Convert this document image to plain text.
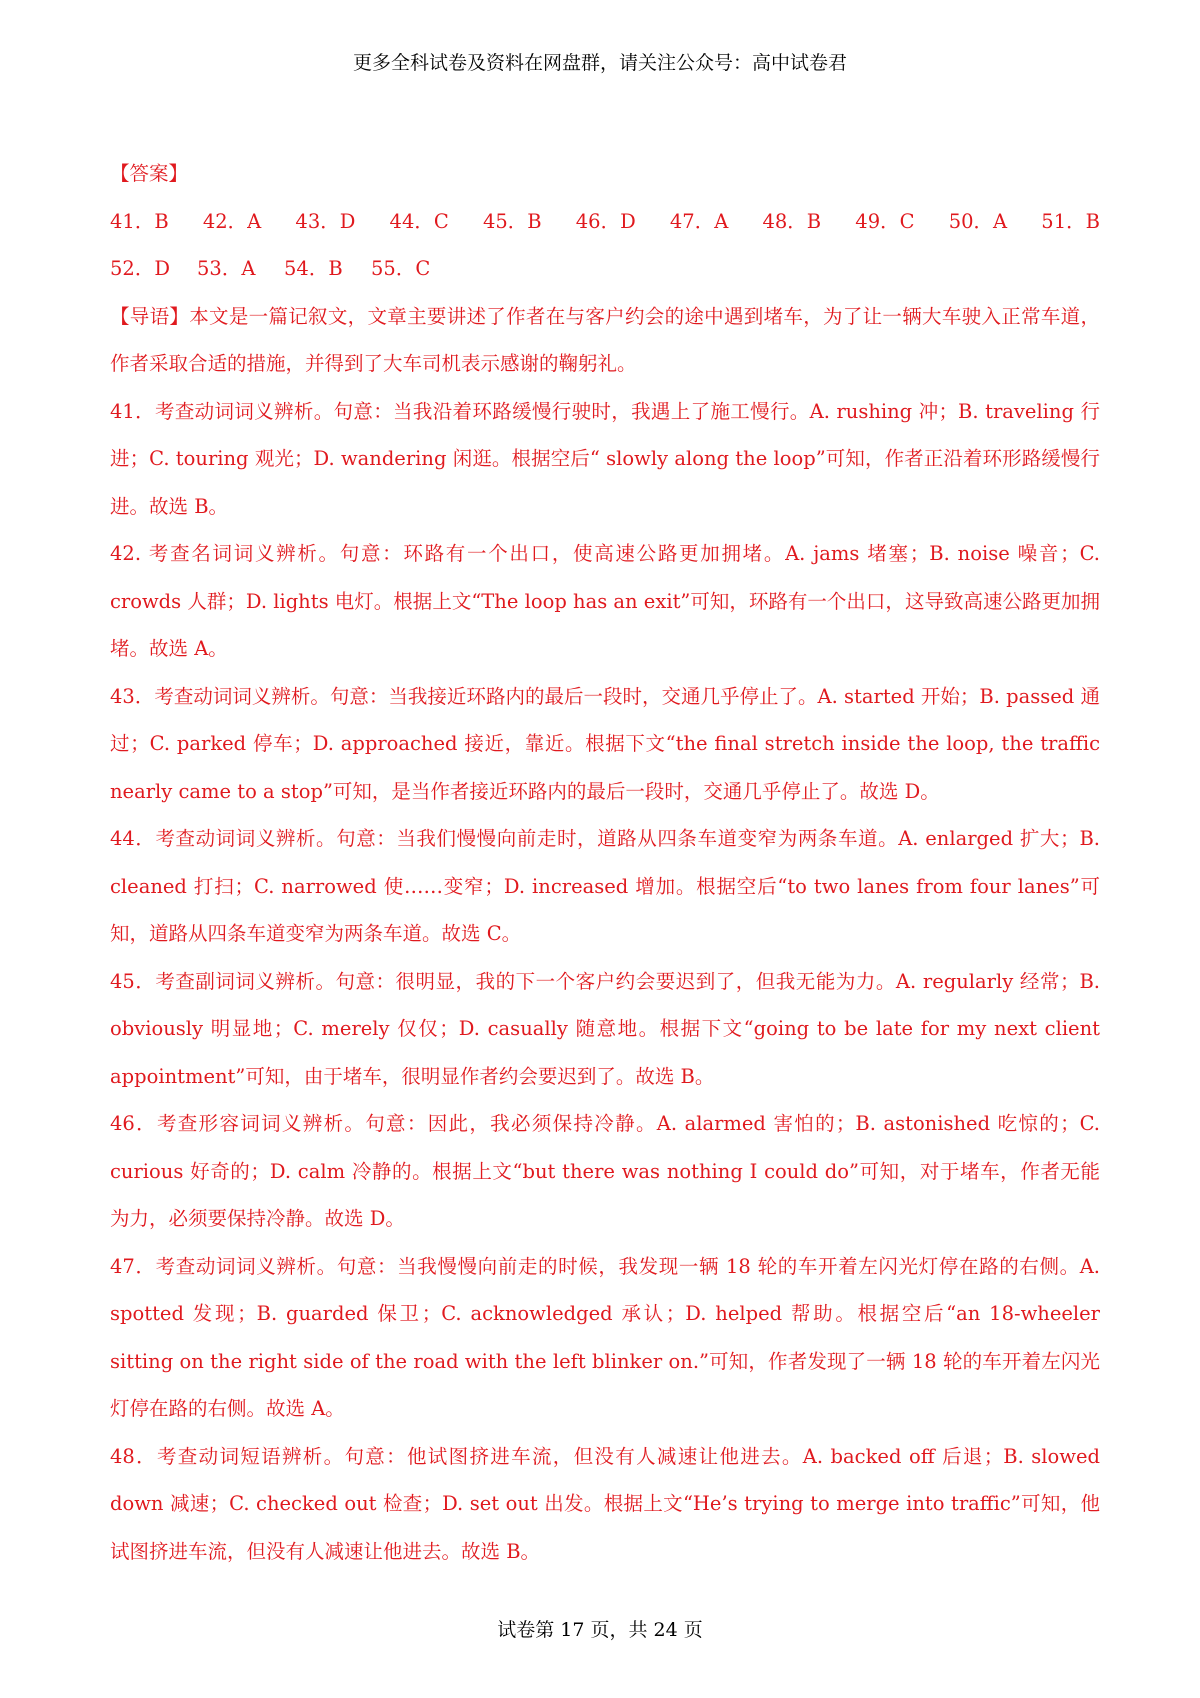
更多全科试卷及资料在网盘群，请关注公众号：高中试卷君
【答案】
41．B 42．A 43．D 44．C 45．B 46．D 47．A 48．B 49．C 50．A 51．B
52．D	53．A	54．B	55．C
【导语】本文是一篇记叙文，文章主要讲述了作者在与客户约会的途中遇到堵车，为了让一辆大车驶入正常车道，作者采取合适的措施，并得到了大车司机表示感谢的鞠躬礼。
41．考查动词词义辨析。句意：当我沿着环路缓慢行驶时，我遇上了施工慢行。A. rushing 冲；B. traveling 行进；C. touring 观光；D. wandering 闲逛。根据空后“ slowly along the loop”可知，作者正沿着环形路缓慢行进。故选 B。
42. 考查名词词义辨析。句意：环路有一个出口，使高速公路更加拥堵。A. jams 堵塞；B. noise 噪音；C. crowds 人群；D. lights 电灯。根据上文“The loop has an exit”可知，环路有一个出口，这导致高速公路更加拥堵。故选 A。
43．考查动词词义辨析。句意：当我接近环路内的最后一段时，交通几乎停止了。A. started 开始；B. passed 通过；C. parked 停车；D. approached 接近，靠近。根据下文“the final stretch inside the loop, the traffic nearly came to a stop”可知，是当作者接近环路内的最后一段时，交通几乎停止了。故选 D。
44．考查动词词义辨析。句意：当我们慢慢向前走时，道路从四条车道变窄为两条车道。A. enlarged 扩大；B. cleaned 打扫；C. narrowed 使……变窄；D. increased 增加。根据空后“to two lanes from four lanes”可知，道路从四条车道变窄为两条车道。故选 C。
45．考查副词词义辨析。句意：很明显，我的下一个客户约会要迟到了，但我无能为力。A. regularly 经常；B. obviously 明显地；C. merely 仅仅；D. casually 随意地。根据下文“going to be late for my next client appointment”可知，由于堵车，很明显作者约会要迟到了。故选 B。
46．考查形容词词义辨析。句意：因此，我必须保持冷静。A. alarmed 害怕的；B. astonished 吃惊的；C. curious 好奇的；D. calm 冷静的。根据上文“but there was nothing I could do”可知，对于堵车，作者无能为力，必须要保持冷静。故选 D。
47．考查动词词义辨析。句意：当我慢慢向前走的时候，我发现一辆 18 轮的车开着左闪光灯停在路的右侧。A. spotted 发现；B. guarded 保卫；C. acknowledged 承认；D. helped 帮助。根据空后“an 18-wheeler sitting on the right side of the road with the left blinker on.”可知，作者发现了一辆 18 轮的车开着左闪光灯停在路的右侧。故选 A。
48．考查动词短语辨析。句意：他试图挤进车流，但没有人减速让他进去。A. backed off 后退；B. slowed down 减速；C. checked out 检查；D. set out 出发。根据上文“He’s trying to merge into traffic”可知，他试图挤进车流，但没有人减速让他进去。故选 B。
试卷第 17 页，共 24 页
